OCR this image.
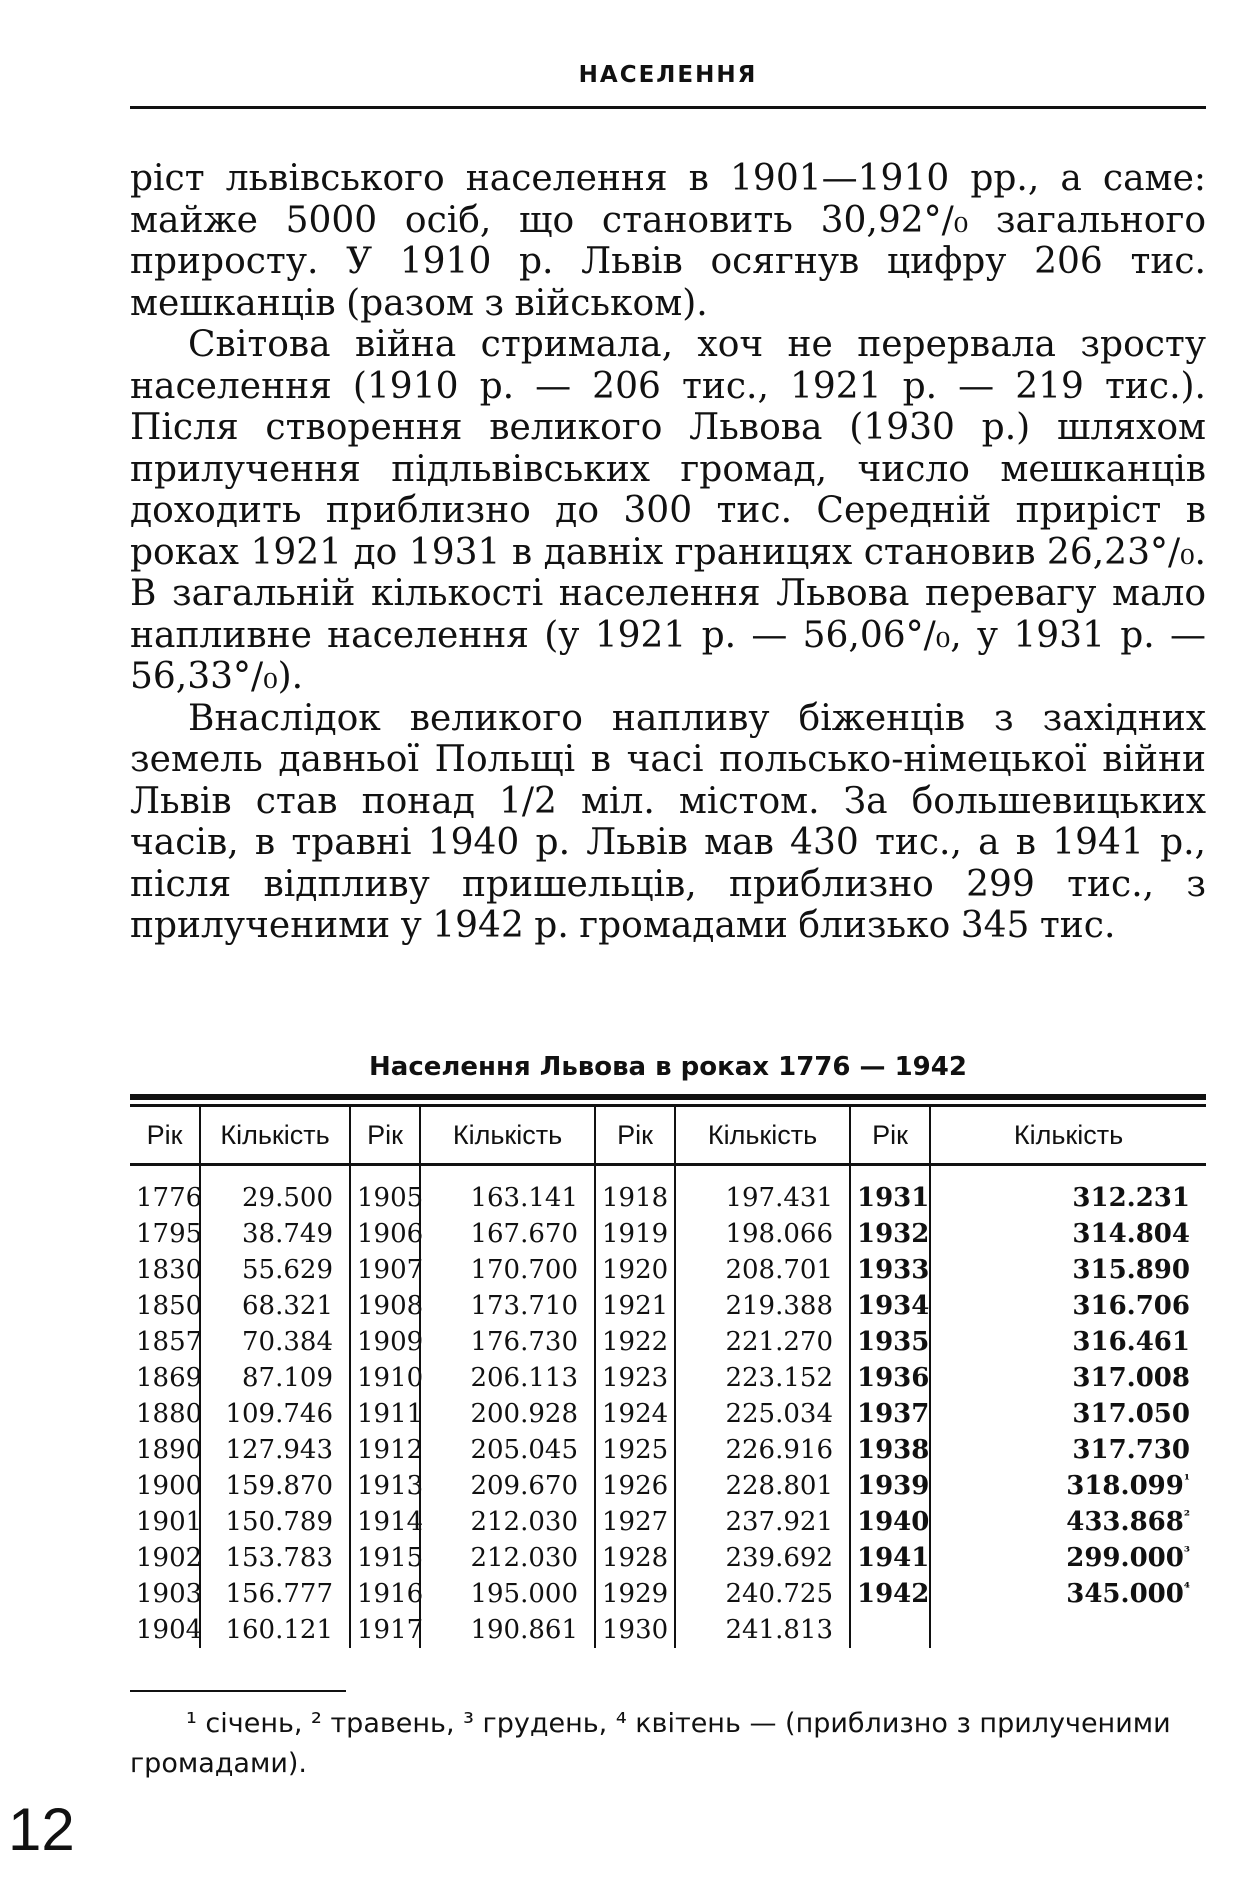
НАСЕЛЕННЯ

ріст львівського населення в 1901—1910 рр., а саме: майже 5000 осіб, що становить 30,92°/₀ загального приросту. У 1910 р. Львів осягнув цифру 206 тис. мешканців (разом з військом).

Світова війна стримала, хоч не перервала зросту населення (1910 р. — 206 тис., 1921 р. — 219 тис.). Після створення великого Львова (1930 р.) шляхом прилучення підльвівських громад, число мешканців доходить приблизно до 300 тис. Середній приріст в роках 1921 до 1931 в давніх границях становив 26,23°/₀. В загальній кількості населення Львова перевагу мало напливне населення (у 1921 р. — 56,06°/₀, у 1931 р. — 56,33°/₀).

Внаслідок великого напливу біженців з західних земель давньої Польщі в часі польсько-німецької війни Львів став понад 1/2 міл. містом. За большевицьких часів, в травні 1940 р. Львів мав 430 тис., а в 1941 р., після відпливу пришельців, приблизно 299 тис., з прилученими у 1942 р. громадами близько 345 тис.

Населення Львова в роках 1776 — 1942
Рік	Кількість	Рік	Кількість	Рік	Кількість	Рік	Кількість

1776	29.500	1905	163.141	1918	197.431	1931	312.231
1795	38.749	1906	167.670	1919	198.066	1932	314.804
1830	55.629	1907	170.700	1920	208.701	1933	315.890
1850	68.321	1908	173.710	1921	219.388	1934	316.706
1857	70.384	1909	176.730	1922	221.270	1935	316.461
1869	87.109	1910	206.113	1923	223.152	1936	317.008
1880	109.746	1911	200.928	1924	225.034	1937	317.050
1890	127.943	1912	205.045	1925	226.916	1938	317.730
1900	159.870	1913	209.670	1926	228.801	1939	$318.099^{^1}$
1901	150.789	1914	212.030	1927	237.921	1940	$433.868^{^2}$
1902	153.783	1915	212.030	1928	239.692	1941	$299.000^{^3}$
1903	156.777	1916	195.000	1929	240.725	1942	$345.000^{^4}$
1904	160.121	1917	190.861	1930	241.813		
¹ січень, ² травень, ³ грудень, ⁴ квітень — (приблизно з прилученими громадами).
12
